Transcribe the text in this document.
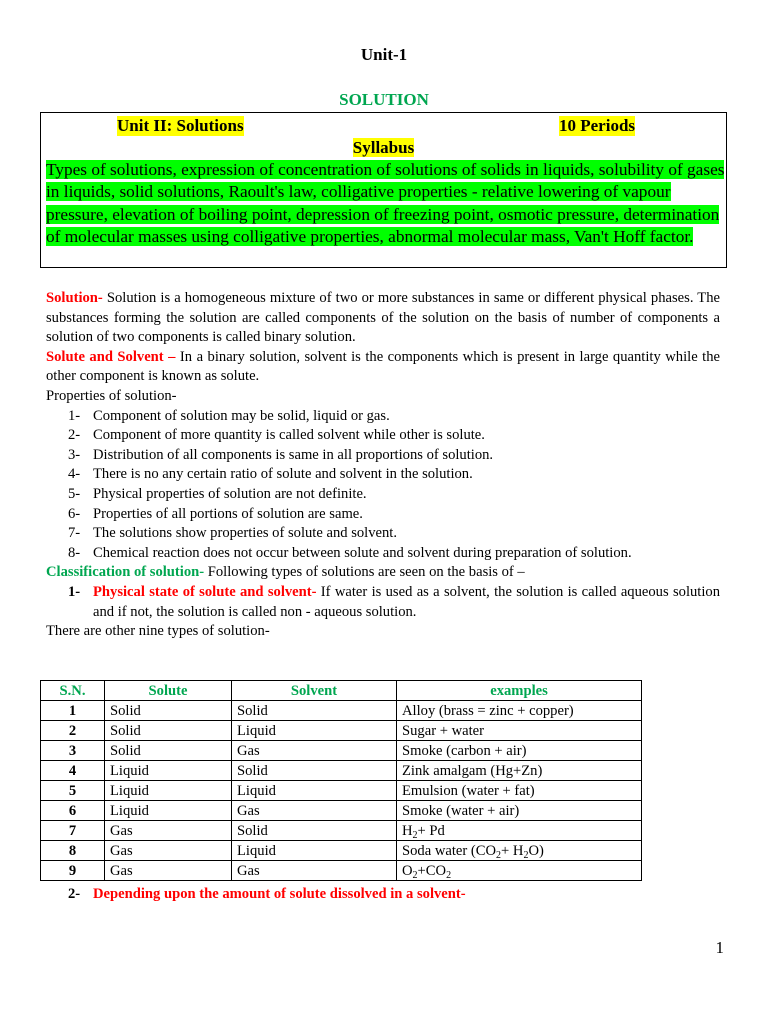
Unit-1
SOLUTION
Unit II: Solutions	10 Periods
Syllabus

Types of solutions, expression of concentration of solutions of solids in liquids, solubility of gases in liquids, solid solutions, Raoult's law, colligative properties - relative lowering of vapour pressure, elevation of boiling point, depression of freezing point, osmotic pressure, determination of molecular masses using colligative properties, abnormal molecular mass, Van't Hoff factor.

Solution- Solution is a homogeneous mixture of two or more substances in same or different physical phases. The substances forming the solution are called components of the solution on the basis of number of components a solution of two components is called binary solution.

Solute and Solvent – In a binary solution, solvent is the components which is present in large quantity while the other component is known as solute.

Properties of solution-

1- Component of solution may be solid, liquid or gas.
2- Component of more quantity is called solvent while other is solute.
3- Distribution of all components is same in all proportions of solution.
4- There is no any certain ratio of solute and solvent in the solution.
5- Physical properties of solution are not definite.
6- Properties of all portions of solution are same.
7- The solutions show properties of solute and solvent.
8- Chemical reaction does not occur between solute and solvent during preparation of solution.

Classification of solution- Following types of solutions are seen on the basis of –

1- Physical state of solute and solvent- If water is used as a solvent, the solution is called aqueous solution and if not, the solution is called non - aqueous solution.

There are other nine types of solution-

S.N.	Solute	Solvent	examples
1	Solid	Solid	Alloy (brass = zinc + copper)
2	Solid	Liquid	Sugar + water
3	Solid	Gas	Smoke (carbon + air)
4	Liquid	Solid	Zink amalgam (Hg+Zn)
5	Liquid	Liquid	Emulsion (water + fat)
6	Liquid	Gas	Smoke (water + air)
7	Gas	Solid	$H_2+ Pd$
8	Gas	Liquid	Soda water $(CO_2+ H_2O)$
9	Gas	Gas	$O_2+CO_2$
2- Depending upon the amount of solute dissolved in a solvent-
1
